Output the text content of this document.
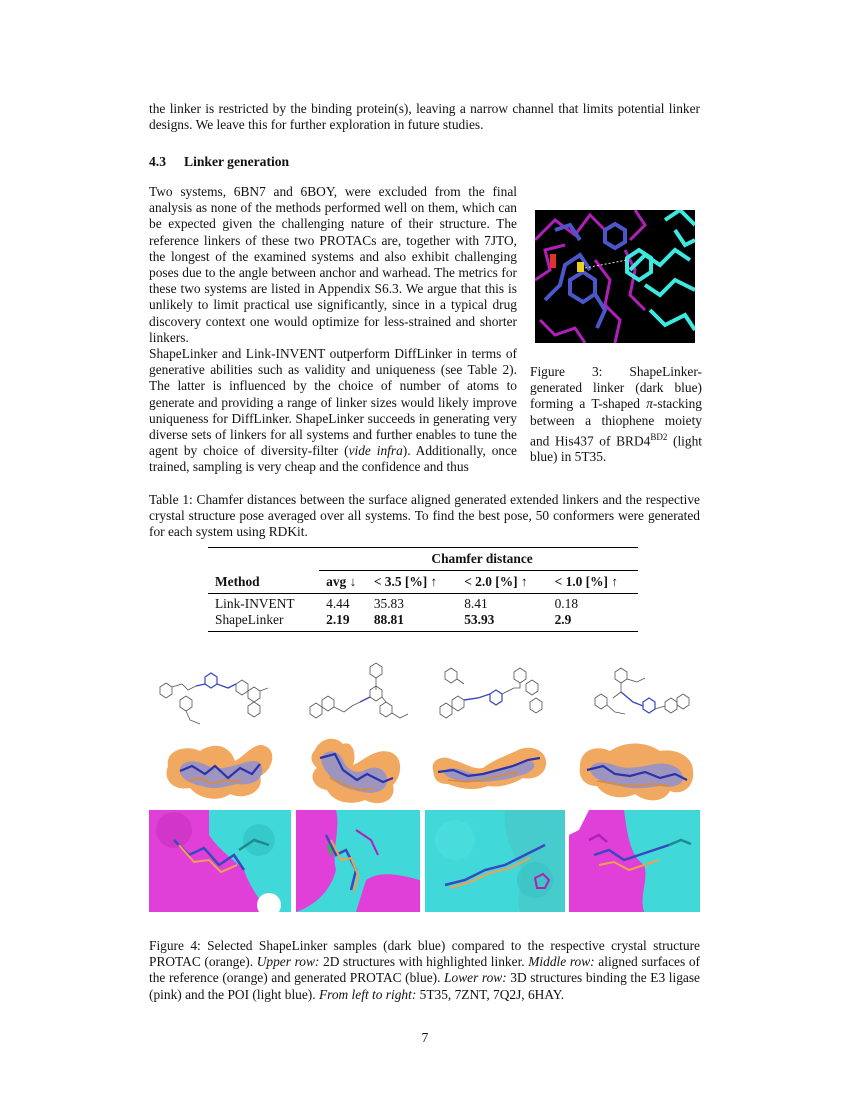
the linker is restricted by the binding protein(s), leaving a narrow channel that limits potential linker designs. We leave this for further exploration in future studies.

4.3 Linker generation

Two systems, 6BN7 and 6BOY, were excluded from the final analysis as none of the methods performed well on them, which can be expected given the challenging nature of their structure. The reference linkers of these two PROTACs are, together with 7JTO, the longest of the examined systems and also exhibit challenging poses due to the angle between anchor and warhead. The metrics for these two systems are listed in Appendix S6.3. We argue that this is unlikely to limit practical use significantly, since in a typical drug discovery context one would optimize for less-strained and shorter linkers.

ShapeLinker and Link-INVENT outperform DiffLinker in terms of generative abilities such as validity and uniqueness (see Table 2). The latter is influenced by the choice of number of atoms to generate and providing a range of linker sizes would likely improve uniqueness for DiffLinker. ShapeLinker succeeds in generating very diverse sets of linkers for all systems and further enables to tune the agent by choice of diversity-filter (vide infra). Additionally, once trained, sampling is very cheap and the confidence and thus

Figure 3: ShapeLinker-generated linker (dark blue) forming a T-shaped π-stacking between a thiophene moiety and His437 of $BRD4^{BD2}$ (light blue) in 5T35.

Table 1: Chamfer distances between the surface aligned generated extended linkers and the respective crystal structure pose averaged over all systems. To find the best pose, 50 conformers were generated for each system using RDKit.

	Chamfer distance			
Method	avg ↓	< 3.5 [%] ↑	< 2.0 [%] ↑	< 1.0 [%] ↑

Link-INVENT	4.44	35.83	8.41	0.18
ShapeLinker	2.19	88.81	53.93	2.9

Figure 4: Selected ShapeLinker samples (dark blue) compared to the respective crystal structure PROTAC (orange). Upper row: 2D structures with highlighted linker. Middle row: aligned surfaces of the reference (orange) and generated PROTAC (blue). Lower row: 3D structures binding the E3 ligase (pink) and the POI (light blue). From left to right: 5T35, 7ZNT, 7Q2J, 6HAY.

7
